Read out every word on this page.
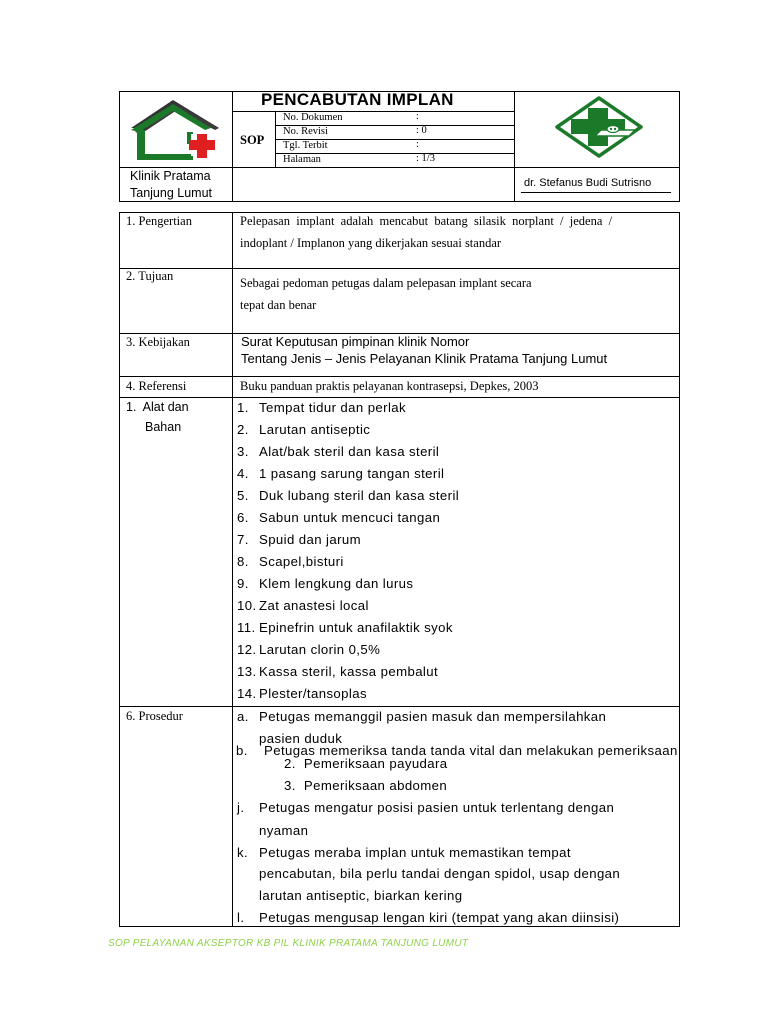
Klinik Pratama
Tanjung Lumut
PENCABUTAN IMPLAN
SOP
No. Dokumen	:
No. Revisi	: 0
Tgl. Terbit	:
Halaman	: 1/3
dr. Stefanus Budi Sutrisno
1. Pengertian	Pelepasan  implant  adalah  mencabut  batang  silasik  norplant  /  jedena  /
indoplant / Implanon yang dikerjakan sesuai standar
2. Tujuan	Sebagai pedoman petugas dalam pelepasan implant secara
tepat dan benar
3. Kebijakan	Surat Keputusan pimpinan klinik Nomor
Tentang Jenis – Jenis Pelayanan Klinik Pratama Tanjung Lumut
4. Referensi	Buku panduan praktis pelayanan kontrasepsi, Depkes, 2003
1.  Alat dan
Bahan
1. Tempat tidur dan perlak
2. Larutan antiseptic
3. Alat/bak steril dan kasa steril
4. 1 pasang sarung tangan steril
5. Duk lubang steril dan kasa steril
6. Sabun untuk mencuci tangan
7. Spuid dan jarum
8. Scapel,bisturi
9. Klem lengkung dan lurus
10. Zat anastesi local
11. Epinefrin untuk anafilaktik syok
12. Larutan clorin 0,5%
13. Kassa steril, kassa pembalut
14. Plester/tansoplas
6. Prosedur	a. Petugas memanggil pasien masuk dan mempersilahkan
pasien duduk
b.    Petugas memeriksa tanda tanda vital dan melakukan pemeriksaan
2.  Pemeriksaan payudara
3.  Pemeriksaan abdomen
j. Petugas mengatur posisi pasien untuk terlentang dengan
nyaman
k. Petugas meraba implan untuk memastikan tempat
pencabutan, bila perlu tandai dengan spidol, usap dengan
larutan antiseptic, biarkan kering
l. Petugas mengusap lengan kiri (tempat yang akan diinsisi)
SOP PELAYANAN AKSEPTOR KB PIL KLINIK PRATAMA TANJUNG LUMUT
